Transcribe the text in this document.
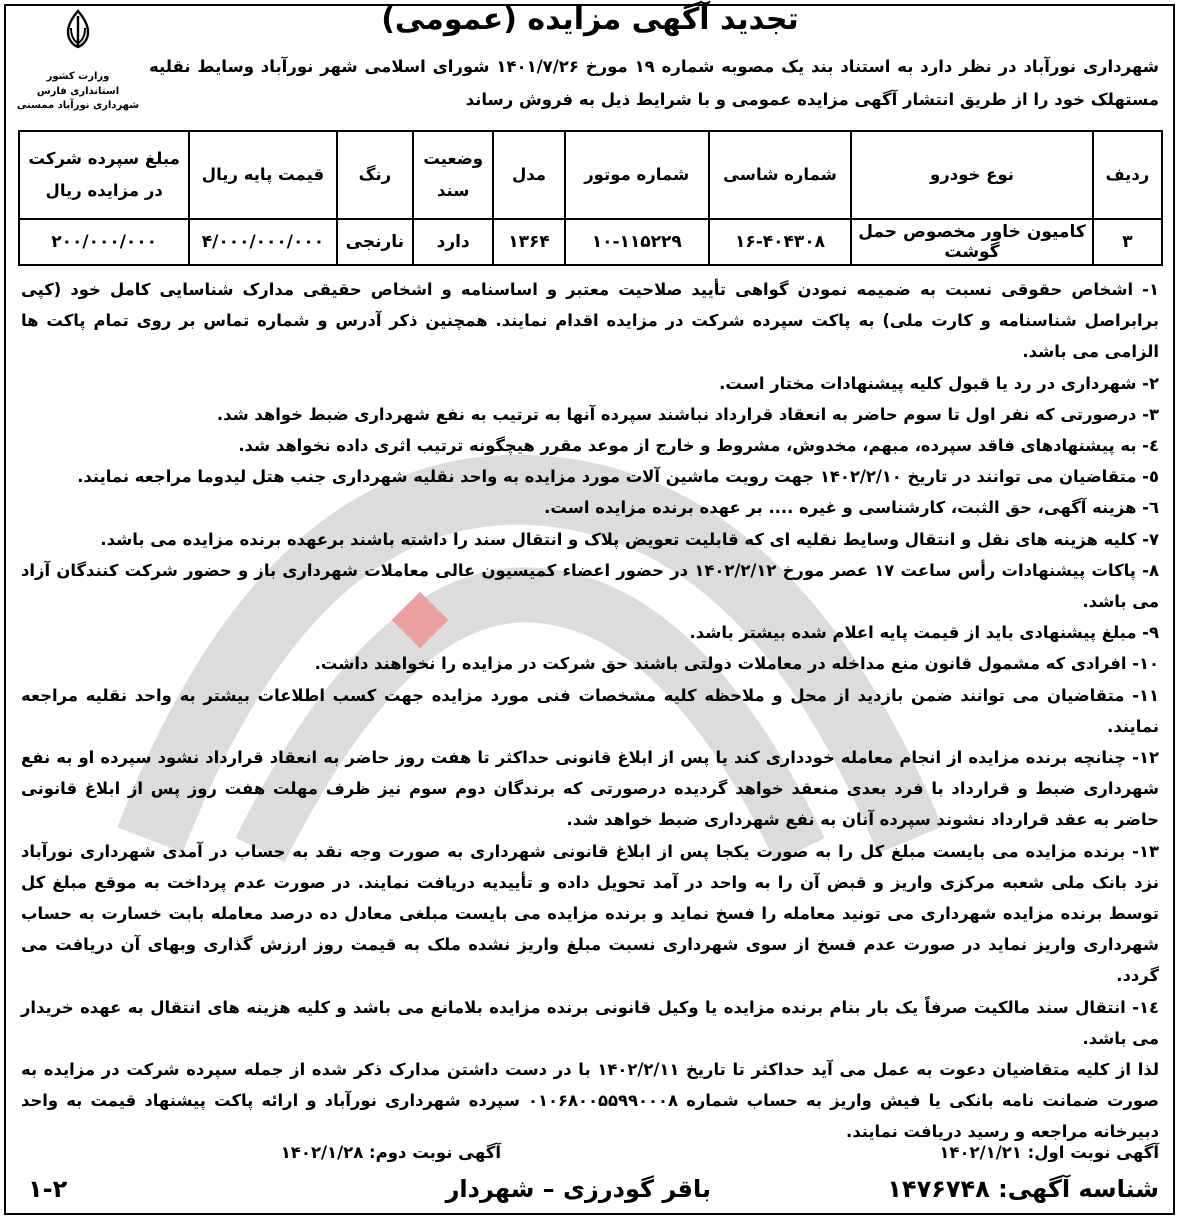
وزارت کشور
استانداری فارس
شهرداری نورآباد ممسنی
تجدید آگهی مزایده (عمومی)
شهرداری نورآباد در نظر دارد به استناد بند یک مصوبه شماره ۱۹ مورخ ۱۴۰۱/۷/۲۶ شورای اسلامی شهر نورآباد وسایط نقلیه مستهلک خود را از طریق انتشار آگهی مزایده عمومی و با شرایط ذیل به فروش رساند
ردیف	نوع خودرو	شماره شاسی	شماره موتور	مدل	وضعیت سند	رنگ	قیمت پایه ریال	مبلغ سپرده شرکت در مزایده ریال
۳	کامیون خاور مخصوص حمل گوشت	۱۶-۴۰۴۳۰۸	۱۰-۱۱۵۲۲۹	۱۳۶۴	دارد	نارنجی	۴/۰۰۰/۰۰۰/۰۰۰	۲۰۰/۰۰۰/۰۰۰

۱- اشخاص حقوقی نسبت به ضمیمه نمودن گواهی تأیید صلاحیت معتبر و اساسنامه و اشخاص حقیقی مدارک شناسایی کامل خود (کپی برابراصل شناسنامه و کارت ملی) به پاکت سپرده شرکت در مزایده اقدام نمایند. همچنین ذکر آدرس و شماره تماس بر روی تمام پاکت ها الزامی می باشد.

۲- شهرداری در رد یا قبول کلیه پیشنهادات مختار است.

۳- درصورتی که نفر اول تا سوم حاضر به انعقاد قرارداد نباشند سپرده آنها به ترتیب به نفع شهرداری ضبط خواهد شد.

٤- به پیشنهادهای فاقد سپرده، مبهم، مخدوش، مشروط و خارج از موعد مقرر هیچگونه ترتیب اثری داده نخواهد شد.

٥- متقاضیان می توانند در تاریخ ۱۴۰۲/۲/۱۰ جهت رویت ماشین آلات مورد مزایده به واحد نقلیه شهرداری جنب هتل لیدوما مراجعه نمایند.

٦- هزینه آگهی، حق الثبت، کارشناسی و غیره .... بر عهده برنده مزایده است.

۷- کلیه هزینه های نقل و انتقال وسایط نقلیه ای که قابلیت تعویض پلاک و انتقال سند را داشته باشند برعهده برنده مزایده می باشد.

۸- پاکات پیشنهادات رأس ساعت ۱۷ عصر مورخ ۱۴۰۲/۲/۱۲ در حضور اعضاء کمیسیون عالی معاملات شهرداری باز و حضور شرکت کنندگان آزاد می باشد.

۹- مبلغ پیشنهادی باید از قیمت پایه اعلام شده بیشتر باشد.

۱۰- افرادی که مشمول قانون منع مداخله در معاملات دولتی باشند حق شرکت در مزایده را نخواهند داشت.

۱۱- متقاضیان می توانند ضمن بازدید از محل و ملاحظه کلیه مشخصات فنی مورد مزایده جهت کسب اطلاعات بیشتر به واحد نقلیه مراجعه نمایند.

۱۲- چنانچه برنده مزایده از انجام معامله خودداری کند یا پس از ابلاغ قانونی حداکثر تا هفت روز حاضر به انعقاد قرارداد نشود سپرده او به نفع شهرداری ضبط و قرارداد با فرد بعدی منعقد خواهد گردیده درصورتی که برندگان دوم سوم نیز ظرف مهلت هفت روز پس از ابلاغ قانونی حاضر به عقد قرارداد نشوند سپرده آنان به نفع شهرداری ضبط خواهد شد.

۱۳- برنده مزایده می بایست مبلغ کل را به صورت یکجا پس از ابلاغ قانونی شهرداری به صورت وجه نقد به حساب در آمدی شهرداری نورآباد نزد بانک ملی شعبه مرکزی واریز و قبض آن را به واحد در آمد تحویل داده و تأییدیه دریافت نمایند. در صورت عدم پرداخت به موقع مبلغ کل توسط برنده مزایده شهرداری می تونید معامله را فسخ نماید و برنده مزایده می بایست مبلغی معادل ده درصد معامله بابت خسارت به حساب شهرداری واریز نماید در صورت عدم فسخ از سوی شهرداری نسبت مبلغ واریز نشده ملک به قیمت روز ارزش گذاری وبهای آن دریافت می گردد.

۱٤- انتقال سند مالکیت صرفاً یک بار بنام برنده مزایده یا وکیل قانونی برنده مزایده بلامانع می باشد و کلیه هزینه های انتقال به عهده خریدار می باشد.

لذا از کلیه متقاضیان دعوت به عمل می آید حداکثر تا تاریخ ۱۴۰۲/۲/۱۱ با در دست داشتن مدارک ذکر شده از جمله سپرده شرکت در مزایده به صورت ضمانت نامه بانکی یا فیش واریز به حساب شماره ۰۱۰۶۸۰۰۵۵۹۹۰۰۰۸ سپرده شهرداری نورآباد و ارائه پاکت پیشنهاد قیمت به واحد دبیرخانه مراجعه و رسید دریافت نمایند.

آگهی نوبت اول: ۱۴۰۲/۱/۲۱
آگهی نوبت دوم: ۱۴۰۲/۱/۲۸
شناسه آگهی: ۱۴۷۶۷۴۸
باقر گودرزی – شهردار
۱-۲
